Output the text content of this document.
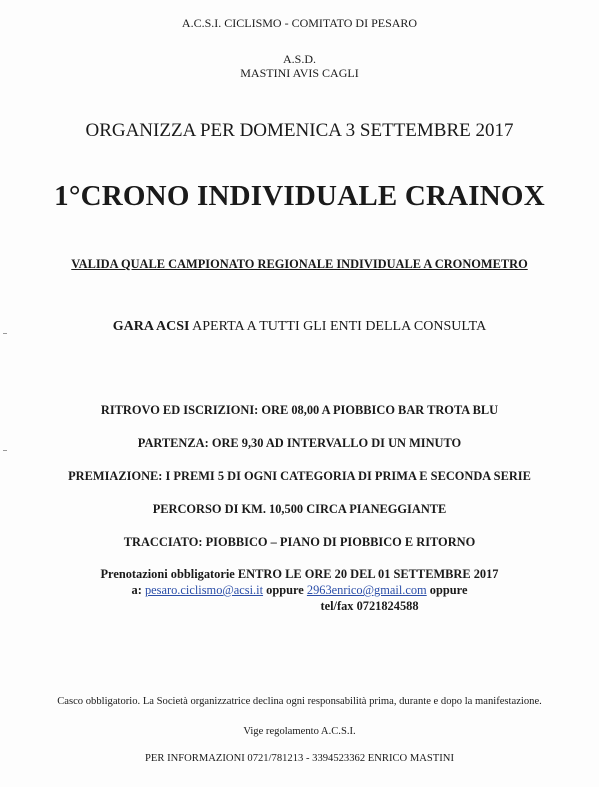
A.C.S.I. CICLISMO - COMITATO DI PESARO
A.S.D.
MASTINI AVIS CAGLI
ORGANIZZA PER DOMENICA 3 SETTEMBRE 2017
1°CRONO INDIVIDUALE CRAINOX
VALIDA QUALE CAMPIONATO REGIONALE INDIVIDUALE A CRONOMETRO
GARA ACSI APERTA A TUTTI GLI ENTI DELLA CONSULTA
RITROVO ED ISCRIZIONI: ORE 08,00 A PIOBBICO BAR TROTA BLU
PARTENZA: ORE 9,30 AD INTERVALLO DI UN MINUTO
PREMIAZIONE: I PREMI 5 DI OGNI CATEGORIA DI PRIMA E SECONDA SERIE
PERCORSO DI KM. 10,500 CIRCA PIANEGGIANTE
TRACCIATO: PIOBBICO – PIANO DI PIOBBICO E RITORNO
Prenotazioni obbligatorie ENTRO LE ORE 20 DEL 01 SETTEMBRE 2017
a: pesaro.ciclismo@acsi.it oppure 2963enrico@gmail.com oppure
tel/fax 0721824588
Casco obbligatorio. La Società organizzatrice declina ogni responsabilità prima, durante e dopo la manifestazione.
Vige regolamento A.C.S.I.
PER INFORMAZIONI 0721/781213 - 3394523362 ENRICO MASTINI
